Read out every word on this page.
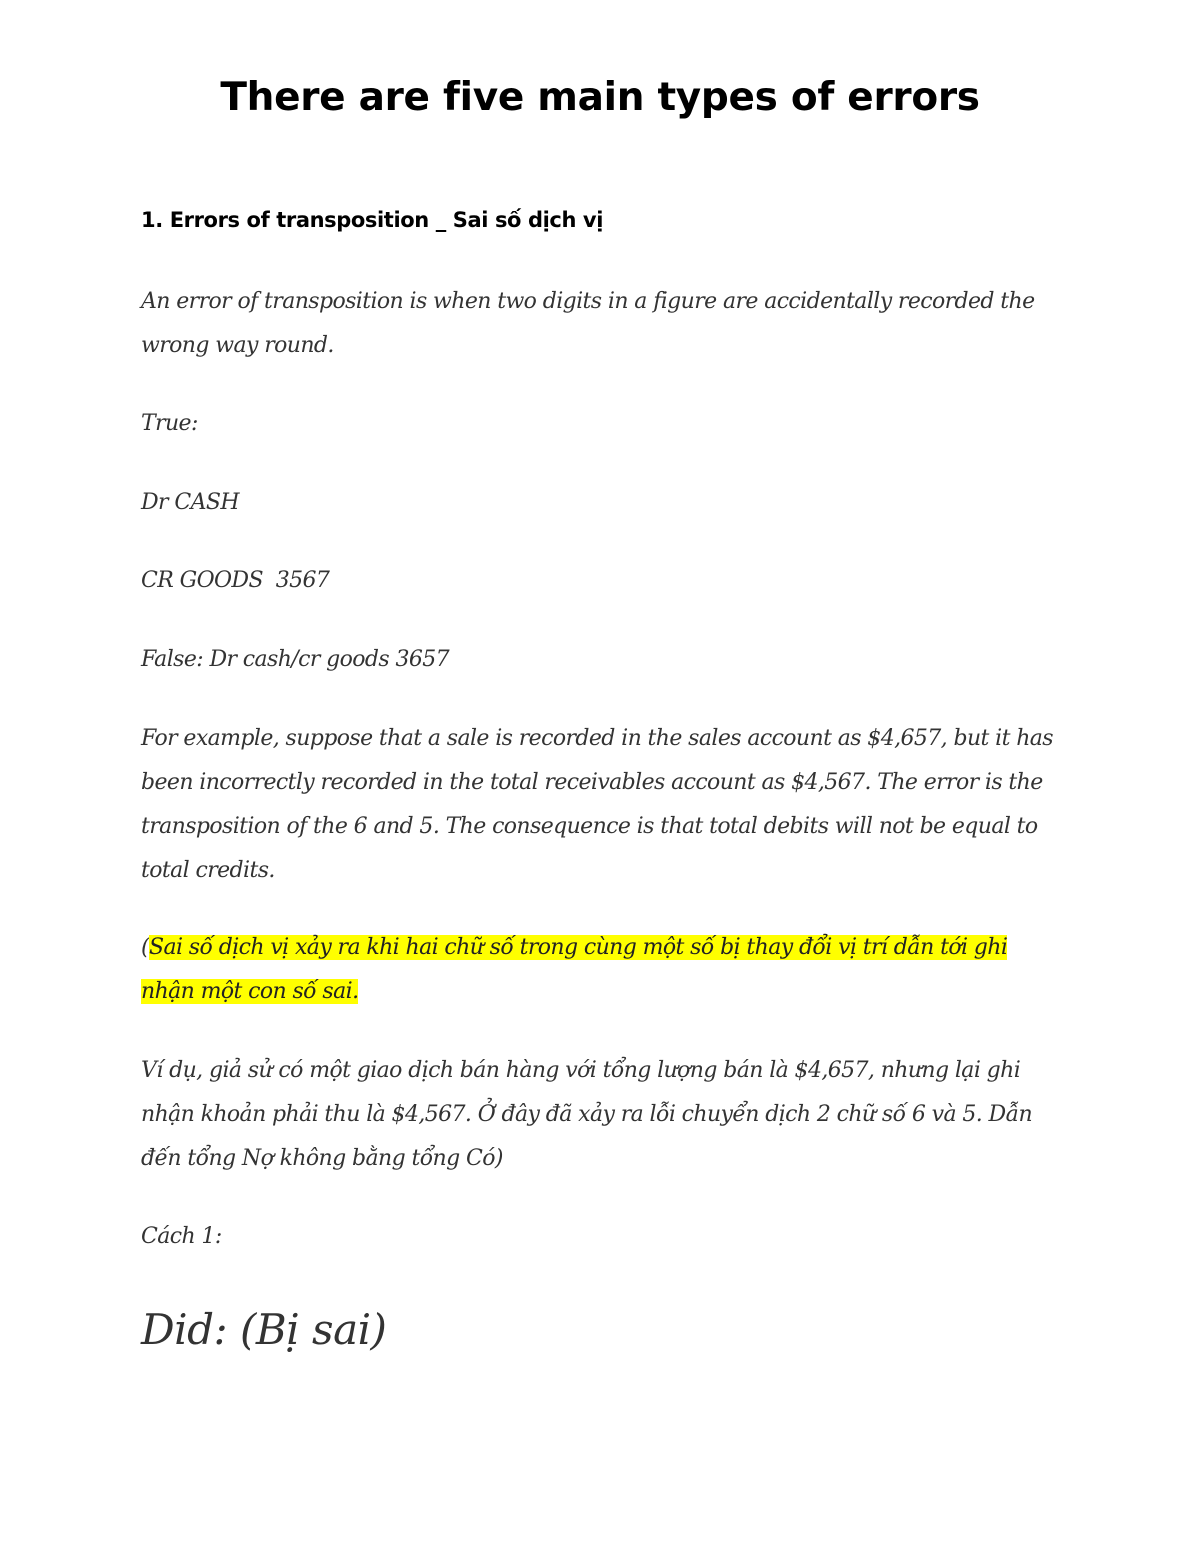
There are five main types of errors
1. Errors of transposition _ Sai số dịch vị

An error of transposition is when two digits in a figure are accidentally recorded the wrong way round.

True:

Dr CASH

CR GOODS  3567

False: Dr cash/cr goods 3657

For example, suppose that a sale is recorded in the sales account as $4,657, but it has been incorrectly recorded in the total receivables account as $4,567. The error is the transposition of the 6 and 5. The consequence is that total debits will not be equal to total credits.

(Sai số dịch vị xảy ra khi hai chữ số trong cùng một số bị thay đổi vị trí dẫn tới ghi nhận một con số sai.

Ví dụ, giả sử có một giao dịch bán hàng với tổng lượng bán là $4,657, nhưng lại ghi nhận khoản phải thu là $4,567. Ở đây đã xảy ra lỗi chuyển dịch 2 chữ số 6 và 5. Dẫn đến tổng Nợ không bằng tổng Có)

Cách 1:

Did: (Bị sai)
